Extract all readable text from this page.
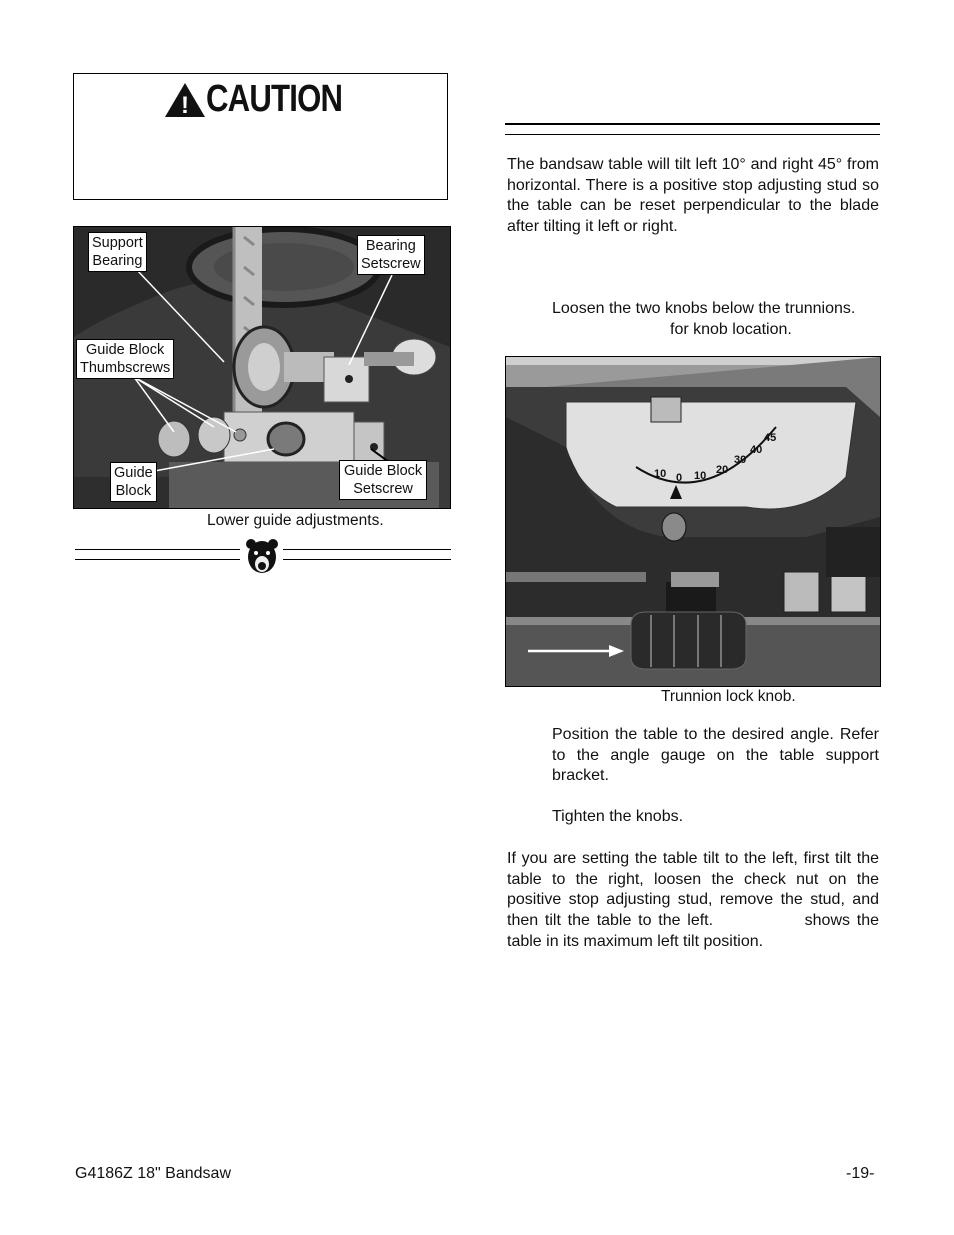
! CAUTION
Support
Bearing
Bearing
Setscrew
Guide Block
Thumbscrews
Guide
Block
Guide Block
Setscrew
Lower guide adjustments.
The bandsaw table will tilt left 10° and right 45° from horizontal. There is a positive stop adjusting stud so the table can be reset perpendicular to the blade after tilting it left or right.
Loosen the two knobs below the trunnions.
for knob location.
10 0 10 20
30
40
45
Trunnion lock knob.
Position the table to the desired angle. Refer to the angle gauge on the table support bracket.
Tighten the knobs.
If you are setting the table tilt to the left, first tilt the table to the right, loosen the check nut on the positive stop adjusting stud, remove the stud, and then tilt the table to the left.	shows the table in its maximum left tilt position.
G4186Z 18" Bandsaw	-19-
